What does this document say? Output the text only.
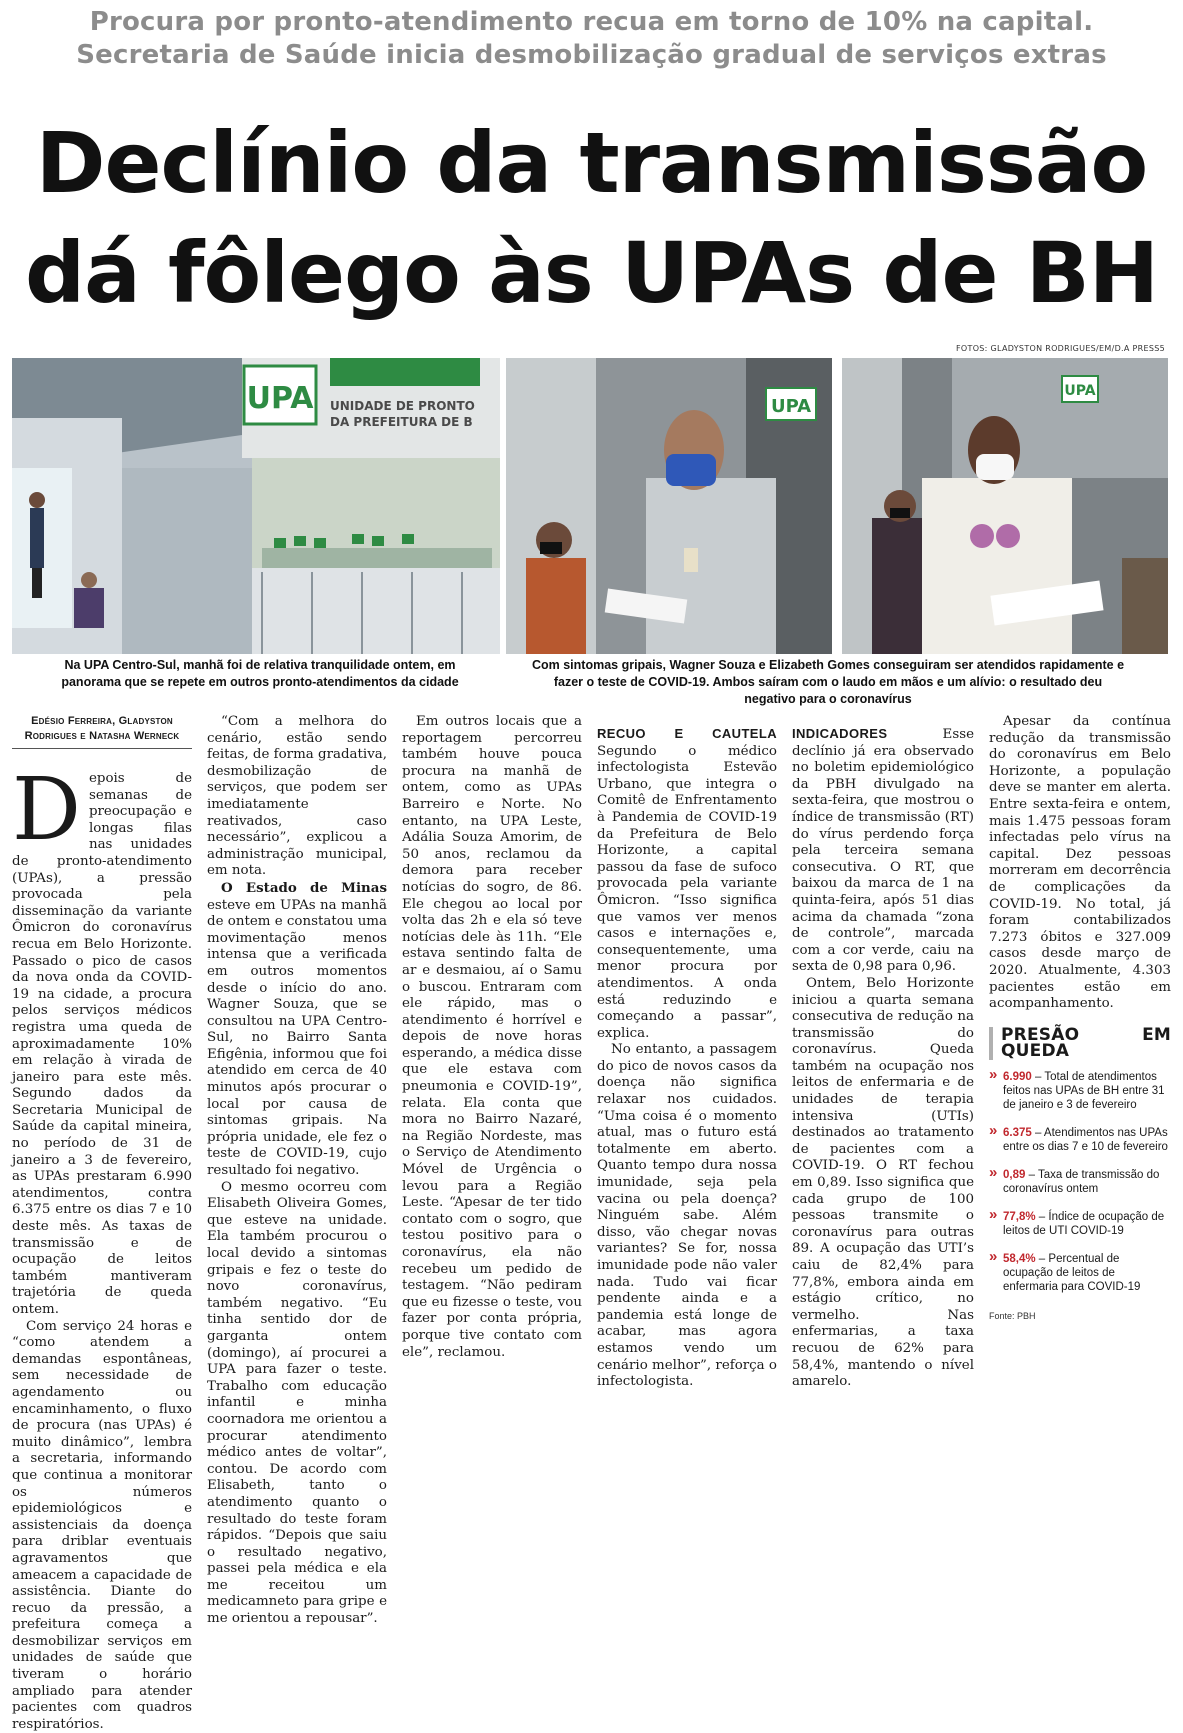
Procura por pronto-atendimento recua em torno de 10% na capital.
Secretaria de Saúde inicia desmobilização gradual de serviços extras
Declínio da transmissão
dá fôlego às UPAs de BH
FOTOS: GLADYSTON RODRIGUES/EM/D.A PRESS5
UPA UNIDADE DE PRONTO
DA PREFEITURA DE B
UPA
UPA
Na UPA Centro-Sul, manhã foi de relativa tranquilidade ontem, em panorama que se repete em outros pronto-atendimentos da cidade
Com sintomas gripais, Wagner Souza e Elizabeth Gomes conseguiram ser atendidos rapidamente e fazer o teste de COVID-19. Ambos saíram com o laudo em mãos e um alívio: o resultado deu negativo para o coronavírus
Edésio Ferreira, Gladyston Rodrigues e Natasha Werneck
D epois de semanas de preocupação e longas filas nas unidades de pronto-atendimento (UPAs), a pressão provocada pela disseminação da variante Ômicron do coronavírus recua em Belo Horizonte. Passado o pico de casos da nova onda da COVID-19 na cidade, a procura pelos serviços médicos registra uma queda de aproximadamente 10% em relação à virada de janeiro para este mês. Segundo dados da Secretaria Municipal de Saúde da capital mineira, no período de 31 de janeiro a 3 de fevereiro, as UPAs prestaram 6.990 atendimentos, contra 6.375 entre os dias 7 e 10 deste mês. As taxas de transmissão e de ocupação de leitos também mantiveram trajetória de queda ontem.

Com serviço 24 horas e “como atendem a demandas espontâneas, sem necessidade de agendamento ou encaminhamento, o fluxo de procura (nas UPAs) é muito dinâmico”, lembra a secretaria, informando que continua a monitorar os números epidemiológicos e assistenciais da doença para driblar eventuais agravamentos que ameacem a capacidade de assistência. Diante do recuo da pressão, a prefeitura começa a desmobilizar serviços em unidades de saúde que tiveram o horário ampliado para atender pacientes com quadros respiratórios.

“Com a melhora do cenário, estão sendo feitas, de forma gradativa, desmobilização de serviços, que podem ser imediatamente reativados, caso necessário”, explicou a administração municipal, em nota.

O Estado de Minas esteve em UPAs na manhã de ontem e constatou uma movimentação menos intensa que a verificada em outros momentos desde o início do ano. Wagner Souza, que se consultou na UPA Centro-Sul, no Bairro Santa Efigênia, informou que foi atendido em cerca de 40 minutos após procurar o local por causa de sintomas gripais. Na própria unidade, ele fez o teste de COVID-19, cujo resultado foi negativo.

O mesmo ocorreu com Elisabeth Oliveira Gomes, que esteve na unidade. Ela também procurou o local devido a sintomas gripais e fez o teste do novo coronavírus, também negativo. “Eu tinha sentido dor de garganta ontem (domingo), aí procurei a UPA para fazer o teste. Trabalho com educação infantil e minha coornadora me orientou a procurar atendimento médico antes de voltar”, contou. De acordo com Elisabeth, tanto o atendimento quanto o resultado do teste foram rápidos. “Depois que saiu o resultado negativo, passei pela médica e ela me receitou um medicamneto para gripe e me orientou a repousar”.

Em outros locais que a reportagem percorreu também houve pouca procura na manhã de ontem, como as UPAs Barreiro e Norte. No entanto, na UPA Leste, Adália Souza Amorim, de 50 anos, reclamou da demora para receber notícias do sogro, de 86. Ele chegou ao local por volta das 2h e ela só teve notícias dele às 11h. “Ele estava sentindo falta de ar e desmaiou, aí o Samu o buscou. Entraram com ele rápido, mas o atendimento é horrível e depois de nove horas esperando, a médica disse que ele estava com pneumonia e COVID-19”, relata. Ela conta que mora no Bairro Nazaré, na Região Nordeste, mas o Serviço de Atendimento Móvel de Urgência o levou para a Região Leste. “Apesar de ter tido contato com o sogro, que testou positivo para o coronavírus, ela não recebeu um pedido de testagem. “Não pediram que eu fizesse o teste, vou fazer por conta própria, porque tive contato com ele”, reclamou.

RECUO E CAUTELA Segundo o médico infectologista Estevão Urbano, que integra o Comitê de Enfrentamento à Pandemia de COVID-19 da Prefeitura de Belo Horizonte, a capital passou da fase de sufoco provocada pela variante Ômicron. “Isso significa que vamos ver menos casos e internações e, consequentemente, uma menor procura por atendimentos. A onda está reduzindo e começando a passar”, explica.

No entanto, a passagem do pico de novos casos da doença não significa relaxar nos cuidados. “Uma coisa é o momento atual, mas o futuro está totalmente em aberto. Quanto tempo dura nossa imunidade, seja pela vacina ou pela doença? Ninguém sabe. Além disso, vão chegar novas variantes? Se for, nossa imunidade pode não valer nada. Tudo vai ficar pendente ainda e a pandemia está longe de acabar, mas agora estamos vendo um cenário melhor”, reforça o infectologista.

INDICADORES Esse declínio já era observado no boletim epidemiológico da PBH divulgado na sexta-feira, que mostrou o índice de transmissão (RT) do vírus perdendo força pela terceira semana consecutiva. O RT, que baixou da marca de 1 na quinta-feira, após 51 dias acima da chamada “zona de controle”, marcada com a cor verde, caiu na sexta de 0,98 para 0,96.

Ontem, Belo Horizonte iniciou a quarta semana consecutiva de redução na transmissão do coronavírus. Queda também na ocupação nos leitos de enfermaria e de unidades de terapia intensiva (UTIs) destinados ao tratamento de pacientes com a COVID-19. O RT fechou em 0,89. Isso significa que cada grupo de 100 pessoas transmite o coronavírus para outras 89. A ocupação das UTI’s caiu de 82,4% para 77,8%, embora ainda em estágio crítico, no vermelho. Nas enfermarias, a taxa recuou de 62% para 58,4%, mantendo o nível amarelo.

Apesar da contínua redução da transmissão do coronavírus em Belo Horizonte, a população deve se manter em alerta. Entre sexta-feira e ontem, mais 1.475 pessoas foram infectadas pelo vírus na capital. Dez pessoas morreram em decorrência de complicações da COVID-19. No total, já foram contabilizados 7.273 óbitos e 327.009 casos desde março de 2020. Atualmente, 4.303 pacientes estão em acompanhamento.

PRESÃO EM QUEDA
» 6.990 – Total de atendimentos feitos nas UPAs de BH entre 31 de janeiro e 3 de fevereiro
» 6.375 – Atendimentos nas UPAs entre os dias 7 e 10 de fevereiro
» 0,89 – Taxa de transmissão do coronavírus ontem
» 77,8% – Índice de ocupação de leitos de UTI COVID-19
» 58,4% – Percentual de ocupação de leitos de enfermaria para COVID-19
Fonte: PBH
